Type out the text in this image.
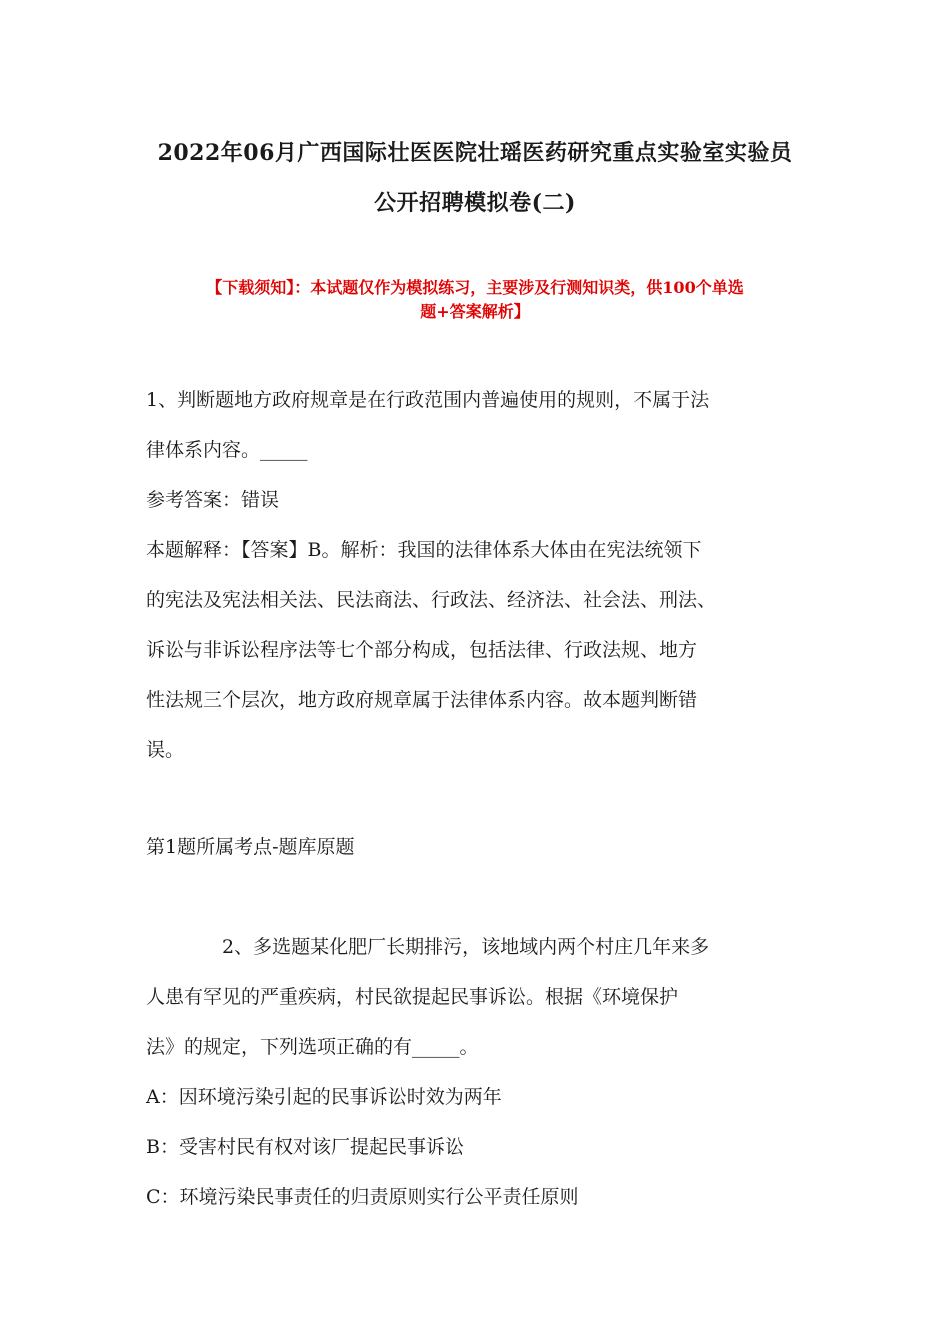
2022年06月广西国际壮医医院壮瑶医药研究重点实验室实验员
公开招聘模拟卷(二)
【下载须知】：本试题仅作为模拟练习，主要涉及行测知识类，供100个单选
题+答案解析】
1、判断题地方政府规章是在行政范围内普遍使用的规则，不属于法
律体系内容。_____
参考答案：错误
本题解释：【答案】B。解析：我国的法律体系大体由在宪法统领下
的宪法及宪法相关法、民法商法、行政法、经济法、社会法、刑法、
诉讼与非诉讼程序法等七个部分构成，包括法律、行政法规、地方
性法规三个层次，地方政府规章属于法律体系内容。故本题判断错
误。
第1题所属考点-题库原题
　　　　2、多选题某化肥厂长期排污，该地域内两个村庄几年来多
人患有罕见的严重疾病，村民欲提起民事诉讼。根据《环境保护
法》的规定，下列选项正确的有_____。
A：因环境污染引起的民事诉讼时效为两年
B：受害村民有权对该厂提起民事诉讼
C：环境污染民事责任的归责原则实行公平责任原则
